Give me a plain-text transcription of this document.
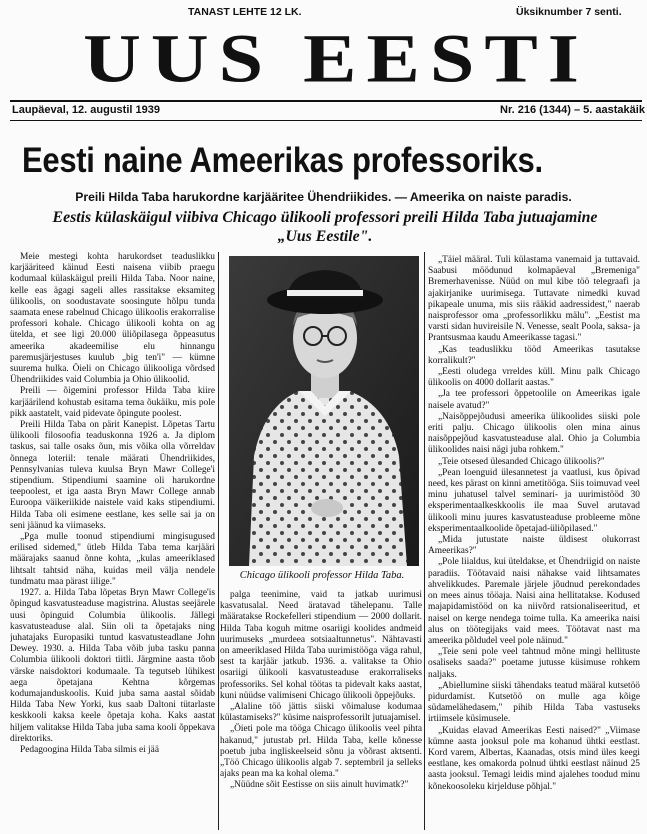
TANAST LEHTE 12 LK.	Üksiknumber 7 senti.
UUS EESTI
Laupäeval, 12. augustil 1939	Nr. 216 (1344) – 5. aastakäik
Eesti naine Ameerikas professoriks.
Preili Hilda Taba harukordne karjääritee Ühendriikides. — Ameerika on naiste paradis.
Eestis külaskäigul viibiva Chicago ülikooli professori preili Hilda Taba jutuajamine „Uus Eestile".

Meie mestegi kohta harukordset teaduslikku karjääriteed käinud Eesti naisena viibib praegu kodumaal külaskäigul preili Hilda Taba. Noor naine, kelle eas ägagi sageli alles rassitakse eksamiteg ülikoolis, on soodustavate soosingute hõlpu tunda saamata enese rabelnud Chicago ülikoolis erakorralise professori kohale. Chicago ülikooli kohta on ag ütelda, et see ligi 20.000 üliõpilasega õppeasutus ameerika akadeemilise elu hinnangu paremusjärjestuses kuulub „big ten'i" — kümne suurema hulka. Öieli on Chicago ülikooliga võrdsed Ühendriikides vaid Columbia ja Ohio ülikoolid.

Preili — õigemini professor Hilda Taba kiire karjäärilend kohustab esitama tema õukäiku, mis pole pikk aastatelt, vaid pidevate õpingute poolest.

Preili Hilda Taba on pärit Kanepist. Lõpetas Tartu ülikooli filosoofia teaduskonna 1926 a. Ja diplom taskus, sai talle osaks õun, mis võika olla võrreldav õnnega loteriil: tenale määrati Ühendriikides, Pennsylvanias tuleva kuulsa Bryn Mawr College'i stipendium. Stipendiumi saamine oli harukordne teepoolest, et iga aasta Bryn Mawr College annab Euroopa väikeriikide naistele vaid kaks stipendiumi. Hilda Taba oli esimene eestlane, kes selle sai ja on seni jäänud ka viimaseks.

„Pga mulle toonud stipendiumi mingisugused erilised sidemed," ütleb Hilda Taba tema karjääri määrajaks saanud õnne kohta, „kulas ameeriklased lihtsalt tahtsid näha, kuidas meil välja nendele tundmatu maa pärast iilige."

1927. a. Hilda Taba lõpetas Bryn Mawr College'is õpingud kasvatusteaduse magistrina. Alustas seejärele uusi õpinguid Columbia ülikoolis. Jällegi kasvatusteaduse alal. Siin oli ta õpetajaks ning juhatajaks Europasiki tuntud kasvatusteadlane John Dewey. 1930. a. Hilda Taba võib juba tasku panna Columbia ülikooli doktori tiitli. Järgmine aasta tõob värske naisdoktori kodumaale. Ta tegutseb lühikest aega õpetajana Kehtna kõrgemas kodumajanduskoolis. Kuid juba sama aastal sõidab Hilda Taba New Yorki, kus saab Daltoni tütarlaste keskkooli kaksa keele õpetaja koha. Kaks aastat hiljem valitakse Hilda Taba juba sama kooli õppekava direktoriks.

Pedagoogina Hilda Taba silmis ei jää

Chicago ülikooli professor Hilda Taba.

palga teenimine, vaid ta jatkab uurimusi kasvatusalal. Need äratavad tähelepanu. Talle määratakse Rockefelleri stipendium — 2000 dollarit. Hilda Taba koguh mitme osariigi koolides andmeid uurimuseks „murdeea sotsiaaltunnetus". Nähtavasti on ameeriklased Hilda Taba uurimistööga väga rahul, sest ta karjäär jatkub. 1936. a. valitakse ta Ohio osariigi ülikooli kasvatusteaduse erakorraliseks professoriks. Sel kohal töötas ta pidevalt kaks aastat, kuni nüüdse valimiseni Chicago ülikooli õppejõuks.

„Alaline töö jättis siiski võimaluse kodumaa külastamiseks?" küsime naisprofessorilt jutuajamisel.

„Öieti pole ma tööga Chicago ülikoolis veel pihta hakanud," jutustab prl. Hilda Taba, kelle kõnesse poetub juba ingliskeelseid sõnu ja võõrast aktsenti. „Töö Chicago ülikoolis algab 7. septembril ja selleks ajaks pean ma ka kohal olema."

„Nüüdne sõit Eestisse on siis ainult huvimatk?"

„Täiel määral. Tuli külastama vanemaid ja tuttavaid. Saabusi möödunud kolmapäeval „Bremeniga" Bremerhavenisse. Nüüd on mul kibe töö telegraafi ja ajakirjanike uurimisega. Tuttavate nimedki kuvad pikapeale unuma, mis siis rääkid aadressidest," naerab naisprofessor oma „professorlikku mälu". „Eestist ma varsti sidan huvireisile N. Venesse, sealt Poola, saksa- ja Prantsusmaa kaudu Ameerikasse tagasi."

„Kas teaduslikku tööd Ameerikas tasutakse korralikult?"

„Eesti oludega vrreldes küll. Minu palk Chicago ülikoolis on 4000 dollarit aastas."

„Ja tee professori õppetoolile on Ameerikas igale naisele avatud?"

„Naisõppejõudusi ameerika ülikoolides siiski pole eriti palju. Chicago ülikoolis olen mina ainus naisõppejõud kasvatusteaduse alal. Ohio ja Columbia ülikoolides naisi nägi juba rohkem."

„Teie otsesed ülesanded Chicago ülikoolis?"

„Pean loenguid ülesannetest ja vaatlusi, kus õpivad need, kes pärast on kinni ametitööga. Siis toimuvad veel minu juhatusel talvel seminari- ja uurimistööd 30 eksperimentaalkeskkoolis ile maa Suvel arutavad ülikooli minu juures kasvatusteaduse probleeme mõne eksperimentaalkoolide õpetajad-üliõpilased."

„Mida jutustate naiste üldisest olukorrast Ameerikas?"

„Pole liialdus, kui üteldakse, et Ühendriigid on naiste paradiis. Töötavaid naisi nähakse vaid lihtsamates ahvelikkudes. Paremale järjele jõudnud perekondades on mees ainus tööaja. Naisi aina hellitatakse. Kodused majapidamistööd on ka niivõrd ratsionaliseeritud, et naisel on kerge nendega toime tulla. Ka ameerika naisi alus on töötegijaks vaid mees. Töötavat nast ma ameerika põldudel veel pole näinud."

„Teie seni pole veel tahtnud mõne mingi hellituste osaliseks saada?" poetame jutusse küsimuse rohkem naljaks.

„Abiellumine siiski tähendaks teatud määral kutsetöö pidurdamist. Kutsetöö on mulle aga kõige südamelähedasem," pihib Hilda Taba vastuseks irtiimsele küsimusele.

„Kuidas elavad Ameerikas Eesti naised?" „Viimase kümne aasta jooksul pole ma kohanud ühtki eestlast. Kord varem, Albertas, Kaanadas, otsis mind üles keegi eestlane, kes omakorda polnud ühtki eestlast näinud 25 aasta jooksul. Temagi leidis mind ajalehes toodud minu kõnekoosoleku kirjelduse põhjal."
